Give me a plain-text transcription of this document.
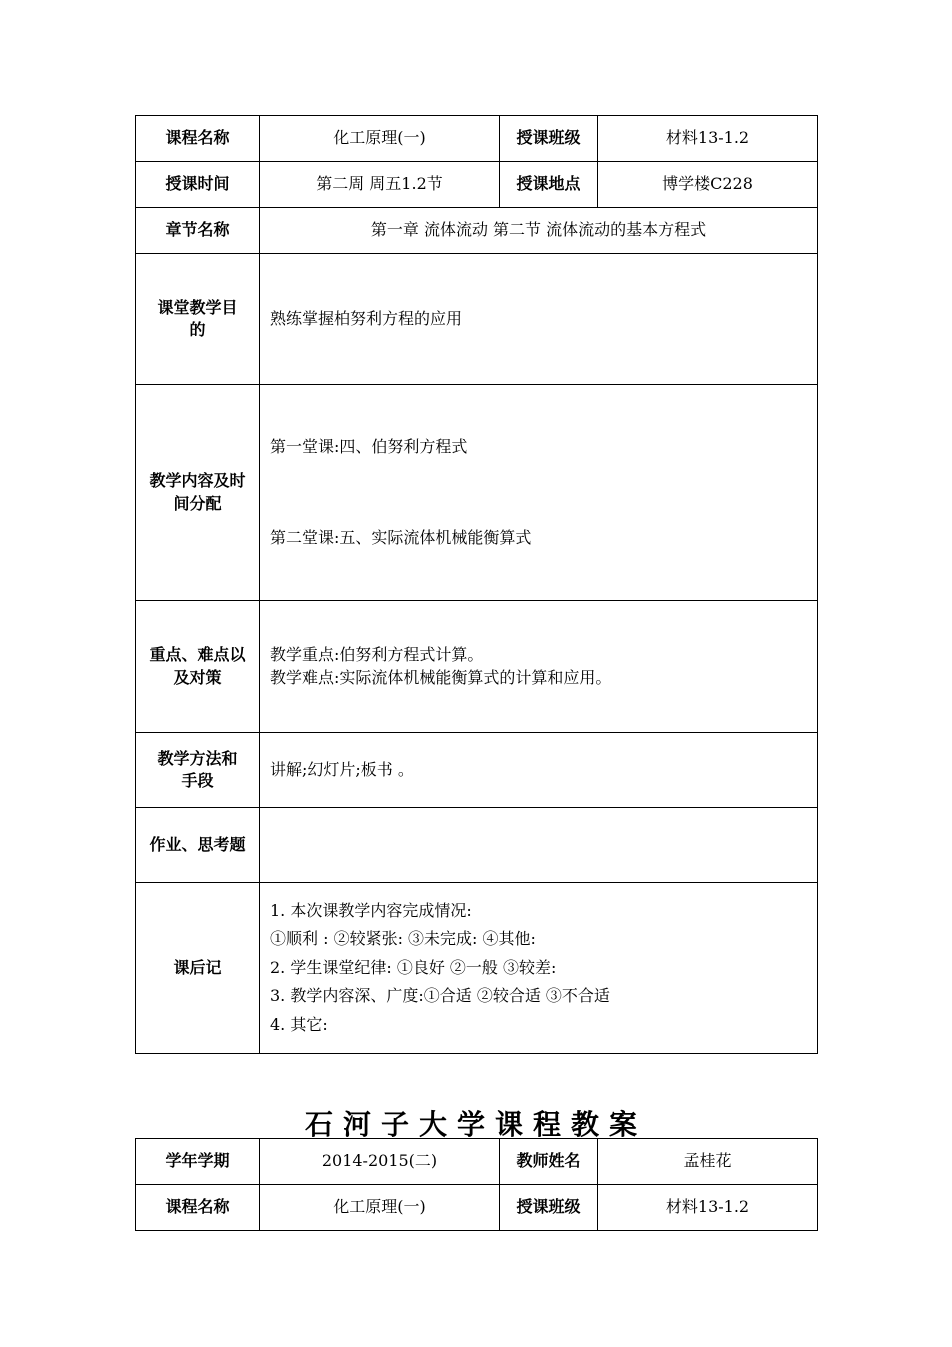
课程名称	化工原理(一)	授课班级	材料13-1.2
授课时间	第二周 周五1.2节	授课地点	博学楼C228
章节名称	第一章 流体流动 第二节 流体流动的基本方程式		

课堂教学目的	熟练掌握柏努利方程的应用		

教学内容及时间分配	第一堂课:四、伯努利方程式
第二堂课:五、实际流体机械能衡算式		

重点、难点以及对策	教学重点:伯努利方程式计算。
教学难点:实际流体机械能衡算式的计算和应用。		

教学方法和手段	讲解;幻灯片;板书 。		

作业、思考题			

课后记	1. 本次课教学内容完成情况:
①顺利 : ②较紧张: ③未完成: ④其他:
2. 学生课堂纪律: ①良好 ②一般 ③较差:
3. 教学内容深、广度:①合适 ②较合适 ③不合适
4. 其它:		
石河子大学课程教案
学年学期	2014-2015(二)	教师姓名	孟桂花
课程名称	化工原理(一)	授课班级	材料13-1.2
